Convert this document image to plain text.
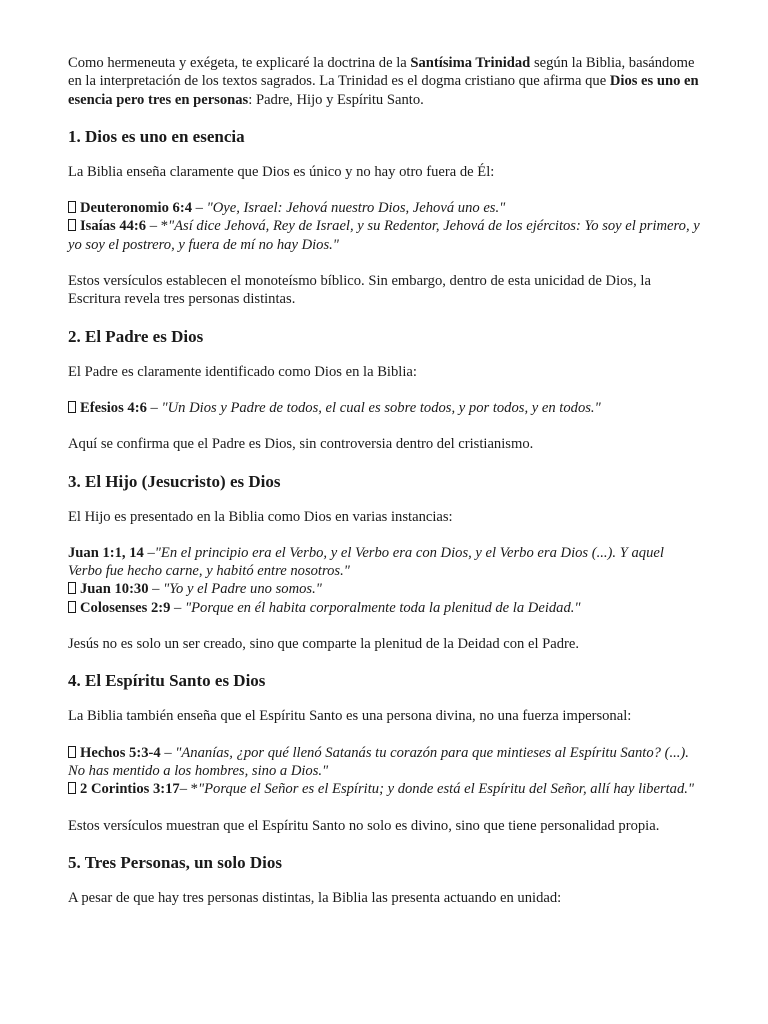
Como hermeneuta y exégeta, te explicaré la doctrina de la Santísima Trinidad según la Biblia, basándome en la interpretación de los textos sagrados. La Trinidad es el dogma cristiano que afirma que Dios es uno en esencia pero tres en personas: Padre, Hijo y Espíritu Santo.

1. Dios es uno en esencia

La Biblia enseña claramente que Dios es único y no hay otro fuera de Él:

Deuteronomio 6:4 – "Oye, Israel: Jehová nuestro Dios, Jehová uno es."

Isaías 44:6 – *"Así dice Jehová, Rey de Israel, y su Redentor, Jehová de los ejércitos: Yo soy el primero, y yo soy el postrero, y fuera de mí no hay Dios."

Estos versículos establecen el monoteísmo bíblico. Sin embargo, dentro de esta unicidad de Dios, la Escritura revela tres personas distintas.

2. El Padre es Dios

El Padre es claramente identificado como Dios en la Biblia:

Efesios 4:6 – "Un Dios y Padre de todos, el cual es sobre todos, y por todos, y en todos."

Aquí se confirma que el Padre es Dios, sin controversia dentro del cristianismo.

3. El Hijo (Jesucristo) es Dios

El Hijo es presentado en la Biblia como Dios en varias instancias:

Juan 1:1, 14 –"En el principio era el Verbo, y el Verbo era con Dios, y el Verbo era Dios (...). Y aquel Verbo fue hecho carne, y habitó entre nosotros."

Juan 10:30 – "Yo y el Padre uno somos."

Colosenses 2:9 – "Porque en él habita corporalmente toda la plenitud de la Deidad."

Jesús no es solo un ser creado, sino que comparte la plenitud de la Deidad con el Padre.

4. El Espíritu Santo es Dios

La Biblia también enseña que el Espíritu Santo es una persona divina, no una fuerza impersonal:

Hechos 5:3-4 – "Ananías, ¿por qué llenó Satanás tu corazón para que mintieses al Espíritu Santo? (...). No has mentido a los hombres, sino a Dios."

2 Corintios 3:17– *"Porque el Señor es el Espíritu; y donde está el Espíritu del Señor, allí hay libertad."

Estos versículos muestran que el Espíritu Santo no solo es divino, sino que tiene personalidad propia.

5. Tres Personas, un solo Dios

A pesar de que hay tres personas distintas, la Biblia las presenta actuando en unidad:
